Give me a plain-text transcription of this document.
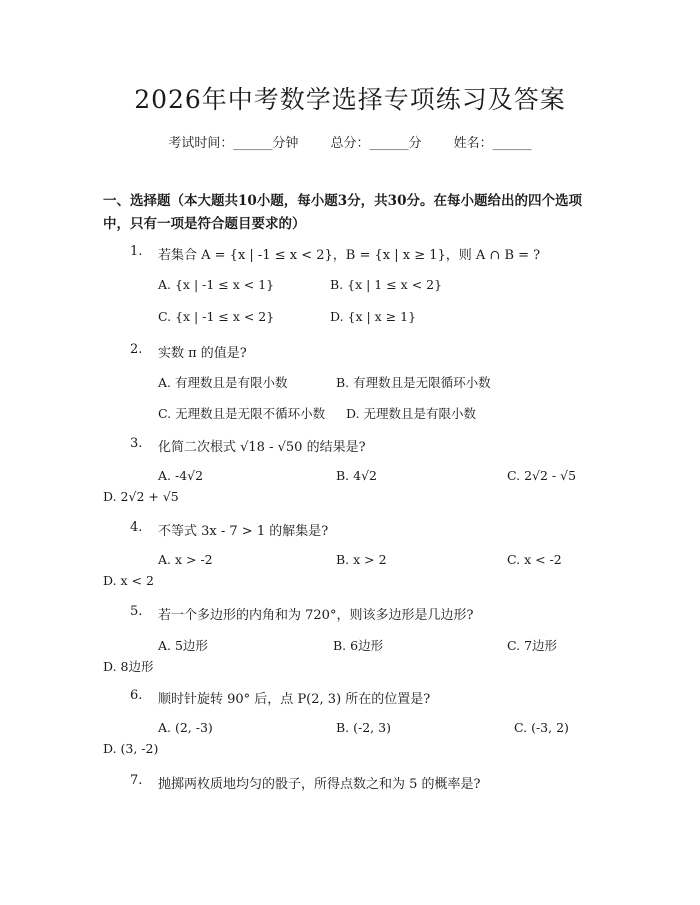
2026年中考数学选择专项练习及答案
考试时间：______分钟 总分：______分 姓名：______
一、选择题（本大题共10小题，每小题3分，共30分。在每小题给出的四个选项中，只有一项是符合题目要求的）
1. 若集合 A = {x | -1 ≤ x < 2}，B = {x | x ≥ 1}，则 A ∩ B = ?
A. {x | -1 ≤ x < 1}	B. {x | 1 ≤ x < 2}
C. {x | -1 ≤ x < 2}	D. {x | x ≥ 1}
2. 实数 π 的值是?
A. 有理数且是有限小数	B. 有理数且是无限循环小数
C. 无理数且是无限不循环小数 D. 无理数且是有限小数
3. 化简二次根式 √18 - √50 的结果是?
A. -4√2	B. 4√2	C. 2√2 - √5
D. 2√2 + √5
4. 不等式 3x - 7 > 1 的解集是?
A. x > -2	B. x > 2	C. x < -2
D. x < 2
5. 若一个多边形的内角和为 720°，则该多边形是几边形?
A. 5边形	B. 6边形	C. 7边形
D. 8边形
6. 顺时针旋转 90° 后，点 P(2, 3) 所在的位置是?
A. (2, -3)	B. (-2, 3)	C. (-3, 2)
D. (3, -2)
7. 抛掷两枚质地均匀的骰子，所得点数之和为 5 的概率是?
